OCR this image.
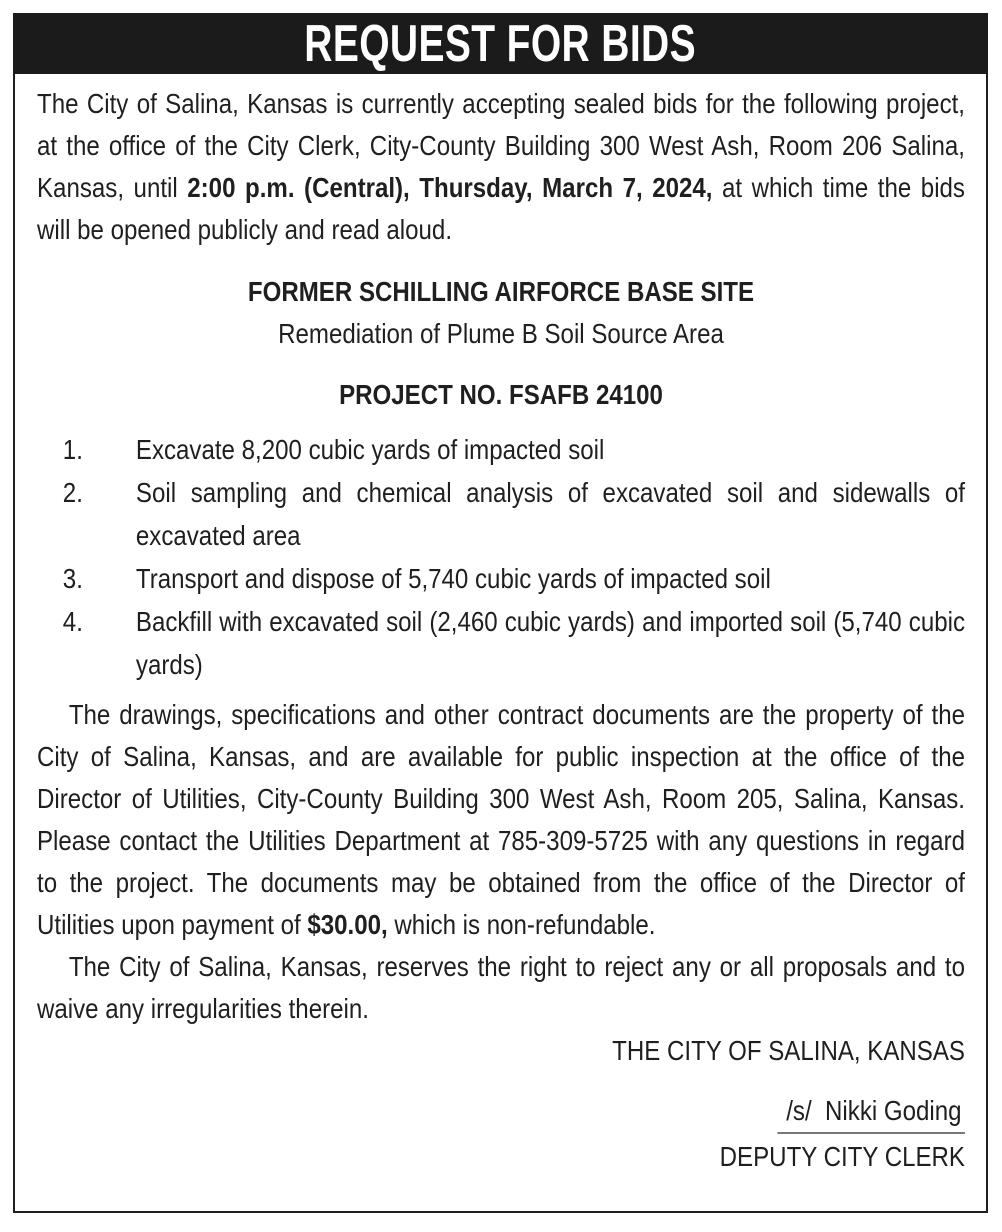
REQUEST FOR BIDS

The City of Salina, Kansas is currently accepting sealed bids for the following project, at the office of the City Clerk, City-County Building 300 West Ash, Room 206 Salina, Kansas, until 2:00 p.m. (Central), Thursday, March 7, 2024, at which time the bids will be opened publicly and read aloud.

FORMER SCHILLING AIRFORCE BASE SITE

Remediation of Plume B Soil Source Area

PROJECT NO. FSAFB 24100

1.	Excavate 8,200 cubic yards of impacted soil
2.	Soil sampling and chemical analysis of excavated soil and sidewalls of excavated area
3.	Transport and dispose of 5,740 cubic yards of impacted soil
4.	Backfill with excavated soil (2,460 cubic yards) and imported soil (5,740 cubic yards)

The drawings, specifications and other contract documents are the property of the City of Salina, Kansas, and are available for public inspection at the office of the Director of Utilities, City-County Building 300 West Ash, Room 205, Salina, Kansas. Please contact the Utilities Department at 785-309-5725 with any questions in regard to the project. The documents may be obtained from the office of the Director of Utilities upon payment of $30.00, which is non-refundable.

The City of Salina, Kansas, reserves the right to reject any or all proposals and to waive any irregularities therein.

THE CITY OF SALINA, KANSAS

/s/  Nikki Goding

DEPUTY CITY CLERK
